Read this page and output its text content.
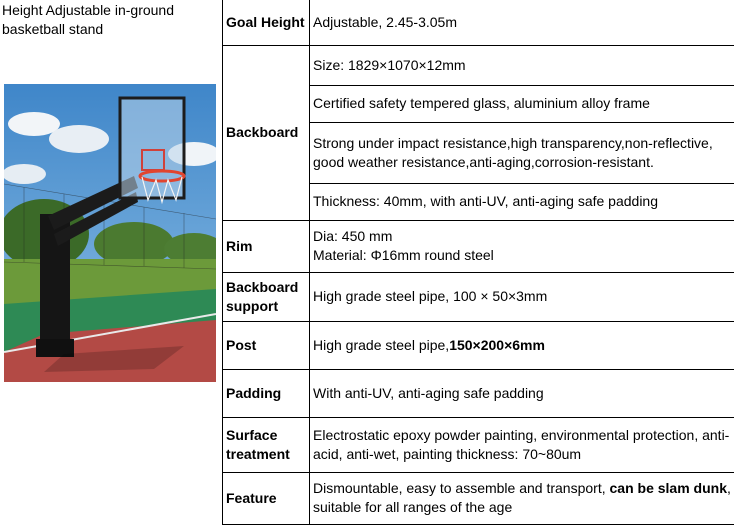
Height Adjustable in-ground basketball stand	Goal Height	Adjustable, 2.45-3.05m
Backboard	Size: 1829×1070×12mm
	Certified safety tempered glass, aluminium alloy frame
	Strong under impact resistance,high transparency,non-reflective, good weather resistance,anti-aging,corrosion-resistant.
	Thickness: 40mm, with anti-UV, anti-aging safe padding
Rim	Dia: 450 mm
Material: Φ16mm round steel

Backboard support	High grade steel pipe, 100 × 50×3mm
Post	High grade steel pipe,150×200×6mm
Padding	With anti-UV, anti-aging safe padding
Surface treatment	Electrostatic epoxy powder painting, environmental protection, anti-acid, anti-wet, painting thickness: 70~80um
Feature	Dismountable, easy to assemble and transport, can be slam dunk, suitable for all ranges of the age
